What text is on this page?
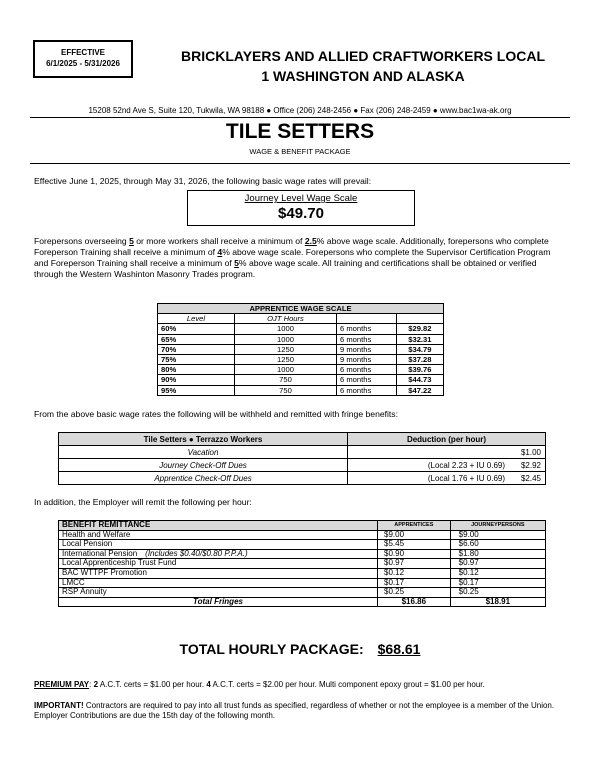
EFFECTIVE
6/1/2025 - 5/31/2026	BRICKLAYERS AND ALLIED CRAFTWORKERS LOCAL
1 WASHINGTON AND ALASKA
15208 52nd Ave S, Suite 120, Tukwila, WA 98188 ● Office (206) 248-2456 ● Fax (206) 248-2459 ● www.bac1wa-ak.org
TILE SETTERS
WAGE & BENEFIT PACKAGE
Effective June 1, 2025, through May 31, 2026, the following basic wage rates will prevail:
Journey Level Wage Scale
$49.70
Forepersons overseeing 5 or more workers shall receive a minimum of 2.5% above wage scale. Additionally, forepersons who complete Foreperson Training shall receive a minimum of 4% above wage scale. Forepersons who complete the Supervisor Certification Program and Foreperson Training shall receive a minimum of 5% above wage scale. All training and certifications shall be obtained or verified through the Western Washinton Masonry Trades program.
APPRENTICE WAGE SCALE			
Level	OJT Hours		
60%	1000	6 months	$29.82
65%	1000	6 months	$32.31
70%	1250	9 months	$34.79
75%	1250	9 months	$37.28
80%	1000	6 months	$39.76
90%	750	6 months	$44.73
95%	750	6 months	$47.22
From the above basic wage rates the following will be withheld and remitted with fringe benefits:
Tile Setters ● Terrazzo Workers	Deduction (per hour)	
Vacation		$1.00
Journey Check-Off Dues	(Local 2.23 + IU 0.69)	$2.92
Apprentice Check-Off Dues	(Local 1.76 + IU 0.69)	$2.45
In addition, the Employer will remit the following per hour:
BENEFIT REMITTANCE	APPRENTICES	JOURNEYPERSONS
Health and Welfare	$9.00	$9.00
Local Pension	$5.45	$6.60
International Pension (Includes $0.40/$0.80 P.P.A.)	$0.90	$1.80
Local Apprenticeship Trust Fund	$0.97	$0.97
BAC WTTPF Promotion	$0.12	$0.12
LMCC	$0.17	$0.17
RSP Annuity	$0.25	$0.25
Total Fringes	$16.86	$18.91
TOTAL HOURLY PACKAGE: $68.61
PREMIUM PAY: 2 A.C.T. certs = $1.00 per hour. 4 A.C.T. certs = $2.00 per hour. Multi component epoxy grout = $1.00 per hour.
IMPORTANT! Contractors are required to pay into all trust funds as specified, regardless of whether or not the employee is a member of the Union. Employer Contributions are due the 15th day of the following month.
